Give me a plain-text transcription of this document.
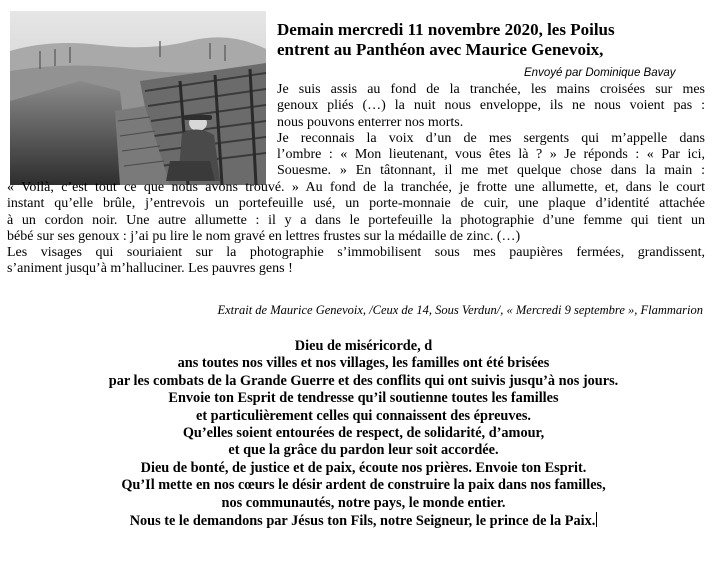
Demain mercredi 11 novembre 2020, les Poilus
entrent au Panthéon avec Maurice Genevoix,
Envoyé par Dominique Bavay
Je suis assis au fond de la tranchée, les mains croisées sur mes
genoux pliés (…) la nuit nous enveloppe, ils ne nous voient pas :
nous pouvons enterrer nos morts.
Je reconnais la voix d’un de mes sergents qui m’appelle dans
l’ombre : « Mon lieutenant, vous êtes là ? » Je réponds : « Par ici,
Souesme. » En tâtonnant, il me met quelque chose dans la main :
« Voilà, c’est tout ce que nous avons trouvé. » Au fond de la tranchée, je frotte une allumette, et, dans le court
instant qu’elle brûle, j’entrevois un portefeuille usé, un porte-monnaie de cuir, une plaque d’identité attachée
à un cordon noir. Une autre allumette : il y a dans le portefeuille la photographie d’une femme qui tient un
bébé sur ses genoux : j’ai pu lire le nom gravé en lettres frustes sur la médaille de zinc. (…)
Les visages qui souriaient sur la photographie s’immobilisent sous mes paupières fermées, grandissent,
s’animent jusqu’à m’halluciner. Les pauvres gens !
Extrait de Maurice Genevoix, /Ceux de 14, Sous Verdun/, « Mercredi 9 septembre », Flammarion
Dieu de miséricorde, d
ans toutes nos villes et nos villages, les familles ont été brisées
par les combats de la Grande Guerre et des conflits qui ont suivis jusqu’à nos jours.
Envoie ton Esprit de tendresse qu’il soutienne toutes les familles
et particulièrement celles qui connaissent des épreuves.
Qu’elles soient entourées de respect, de solidarité, d’amour,
et que la grâce du pardon leur soit accordée.
Dieu de bonté, de justice et de paix, écoute nos prières. Envoie ton Esprit.
Qu’Il mette en nos cœurs le désir ardent de construire la paix dans nos familles,
nos communautés, notre pays, le monde entier.
Nous te le demandons par Jésus ton Fils, notre Seigneur, le prince de la Paix.
